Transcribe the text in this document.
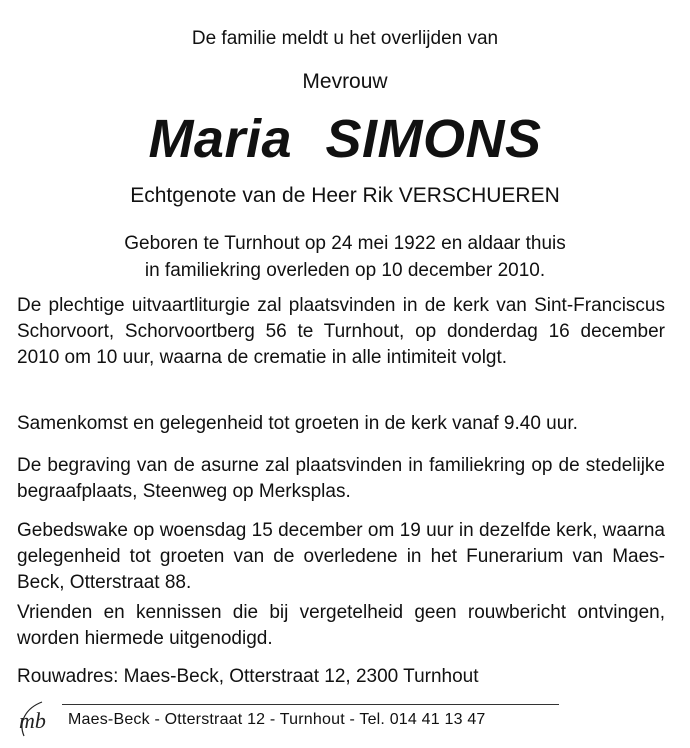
De familie meldt u het overlijden van
Mevrouw
Maria SIMONS
Echtgenote van de Heer Rik VERSCHUEREN
Geboren te Turnhout op 24 mei 1922 en aldaar thuis
in familiekring overleden op 10 december 2010.
De plechtige uitvaartliturgie zal plaatsvinden in de kerk van Sint-Franciscus Schorvoort, Schorvoortberg 56 te Turnhout, op donderdag 16 december 2010 om 10 uur, waarna de crematie in alle intimiteit volgt.
Samenkomst en gelegenheid tot groeten in de kerk vanaf 9.40 uur.
De begraving van de asurne zal plaatsvinden in familiekring op de stedelijke begraafplaats, Steenweg op Merksplas.
Gebedswake op woensdag 15 december om 19 uur in dezelfde kerk, waarna gelegenheid tot groeten van de overledene in het Funerarium van Maes-Beck, Otterstraat 88.
Vrienden en kennissen die bij vergetelheid geen rouwbericht ontvingen, worden hiermede uitgenodigd.
Rouwadres: Maes-Beck, Otterstraat 12, 2300 Turnhout
mb Maes-Beck - Otterstraat 12 - Turnhout - Tel. 014 41 13 47
